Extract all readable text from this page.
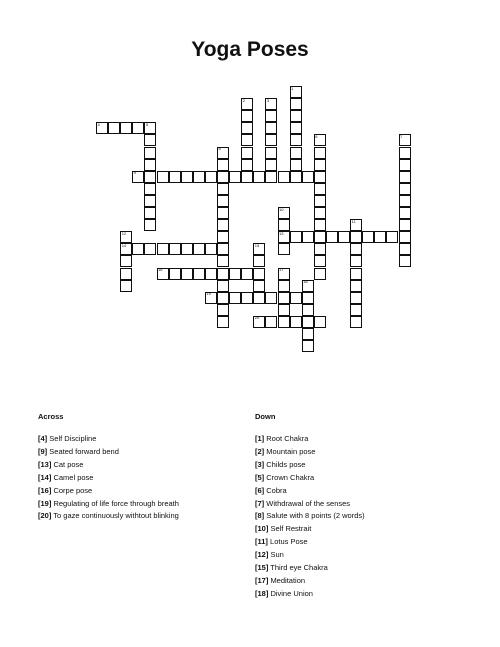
Yoga Poses
4	5
1
2	3
6	7
8
9
10
13
11
12
14	15
16	17
18
19
20
Across
[4] Self Discipline
[9] Seated forward bend
[13] Cat pose
[14] Camel pose
[16] Corpe pose
[19] Regulating of life force through breath
[20] To gaze continuously withtout blinking
Down
[1] Root Chakra
[2] Mountain pose
[3] Childs pose
[5] Crown Chakra
[6] Cobra
[7] Withdrawal of the senses
[8] Salute with 8 points (2 words)
[10] Self Restrait
[11] Lotus Pose
[12] Sun
[15] Third eye Chakra
[17] Meditation
[18] Divine Union
